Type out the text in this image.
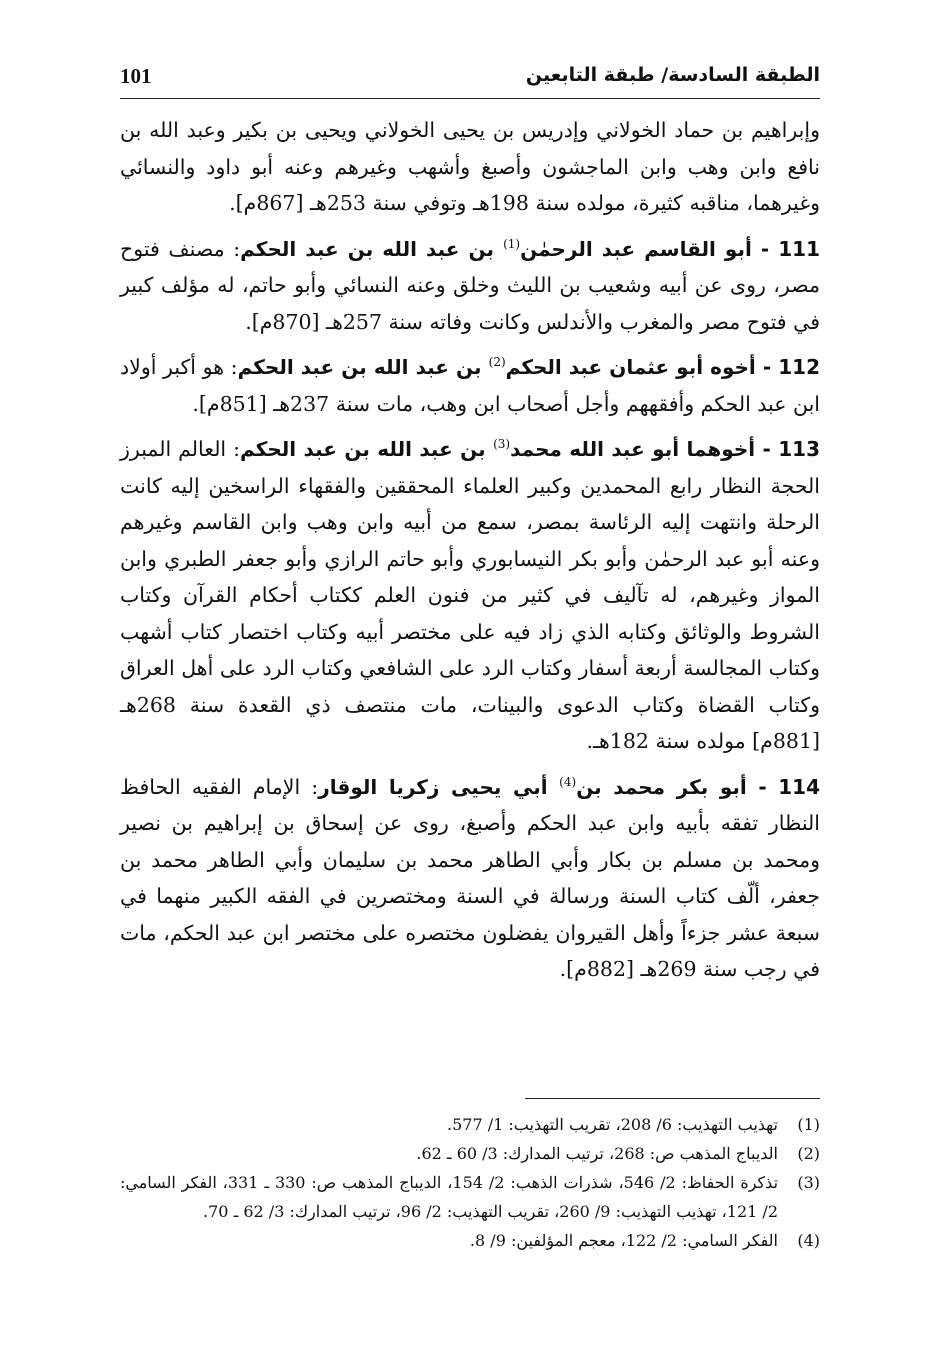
الطبقة السادسة/ طبقة التابعين
101

وإبراهيم بن حماد الخولاني وإدريس بن يحيى الخولاني ويحيى بن بكير وعبد الله بن نافع وابن وهب وابن الماجشون وأصبغ وأشهب وغيرهم وعنه أبو داود والنسائي وغيرهما، مناقبه كثيرة، مولده سنة 198هـ وتوفي سنة 253هـ [867م].

111 - أبو القاسم عبد الرحمٰن$^{(1)}$ بن عبد الله بن عبد الحكم: مصنف فتوح مصر، روى عن أبيه وشعيب بن الليث وخلق وعنه النسائي وأبو حاتم، له مؤلف كبير في فتوح مصر والمغرب والأندلس وكانت وفاته سنة 257هـ [870م].

112 - أخوه أبو عثمان عبد الحكم$^{(2)}$ بن عبد الله بن عبد الحكم: هو أكبر أولاد ابن عبد الحكم وأفقههم وأجل أصحاب ابن وهب، مات سنة 237هـ [851م].

113 - أخوهما أبو عبد الله محمد$^{(3)}$ بن عبد الله بن عبد الحكم: العالم المبرز الحجة النظار رابع المحمدين وكبير العلماء المحققين والفقهاء الراسخين إليه كانت الرحلة وانتهت إليه الرئاسة بمصر، سمع من أبيه وابن وهب وابن القاسم وغيرهم وعنه أبو عبد الرحمٰن وأبو بكر النيسابوري وأبو حاتم الرازي وأبو جعفر الطبري وابن المواز وغيرهم، له تآليف في كثير من فنون العلم ككتاب أحكام القرآن وكتاب الشروط والوثائق وكتابه الذي زاد فيه على مختصر أبيه وكتاب اختصار كتاب أشهب وكتاب المجالسة أربعة أسفار وكتاب الرد على الشافعي وكتاب الرد على أهل العراق وكتاب القضاة وكتاب الدعوى والبينات، مات منتصف ذي القعدة سنة 268هـ [881م] مولده سنة 182هـ.

114 - أبو بكر محمد بن$^{(4)}$ أبي يحيى زكريا الوقار: الإمام الفقيه الحافظ النظار تفقه بأبيه وابن عبد الحكم وأصبغ، روى عن إسحاق بن إبراهيم بن نصير ومحمد بن مسلم بن بكار وأبي الطاهر محمد بن سليمان وأبي الطاهر محمد بن جعفر، ألّف كتاب السنة ورسالة في السنة ومختصرين في الفقه الكبير منهما في سبعة عشر جزءاً وأهل القيروان يفضلون مختصره على مختصر ابن عبد الحكم، مات في رجب سنة 269هـ [882م].

(1)
تهذيب التهذيب: 6/ 208، تقريب التهذيب: 1/ 577.
(2)
الديباج المذهب ص: 268، ترتيب المدارك: 3/ 60 ـ 62.
(3)
تذكرة الحفاظ: 2/ 546، شذرات الذهب: 2/ 154، الديباج المذهب ص: 330 ـ 331، الفكر السامي: 2/ 121، تهذيب التهذيب: 9/ 260، تقريب التهذيب: 2/ 96، ترتيب المدارك: 3/ 62 ـ 70.
(4)
الفكر السامي: 2/ 122، معجم المؤلفين: 9/ 8.
